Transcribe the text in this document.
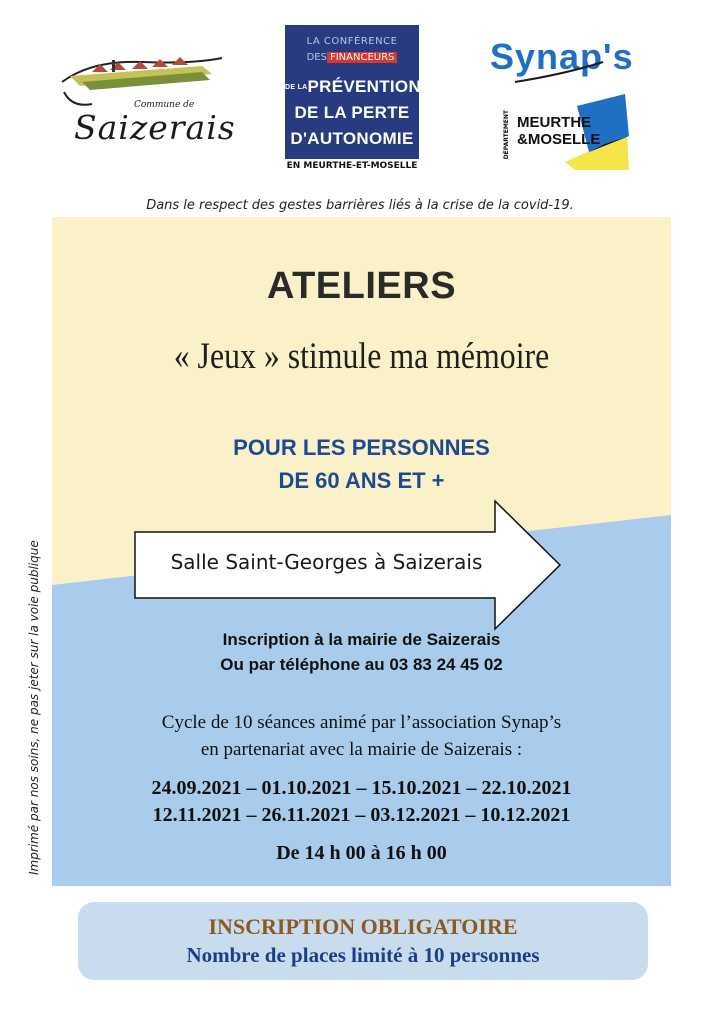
Commune de
Saizerais
LA CONFÉRENCE
DES FINANCEURS
DE LAPRÉVENTION
DE LA PERTE
D'AUTONOMIE
EN MEURTHE-ET-MOSELLE
Synap's
DÉPARTEMENT MEURTHE
&MOSELLE
Dans le respect des gestes barrières liés à la crise de la covid-19.
ATELIERS
« Jeux » stimule ma mémoire
POUR LES PERSONNES
DE 60 ANS ET +
Salle Saint-Georges à Saizerais
Inscription à la mairie de Saizerais
Ou par téléphone au 03 83 24 45 02
Cycle de 10 séances animé par l’association Synap’s
en partenariat avec la mairie de Saizerais :
24.09.2021 – 01.10.2021 – 15.10.2021 – 22.10.2021
12.11.2021 – 26.11.2021 – 03.12.2021 – 10.12.2021
De 14 h 00 à 16 h 00
Imprimé par nos soins, ne pas jeter sur la voie publique
INSCRIPTION OBLIGATOIRE
Nombre de places limité à 10 personnes
